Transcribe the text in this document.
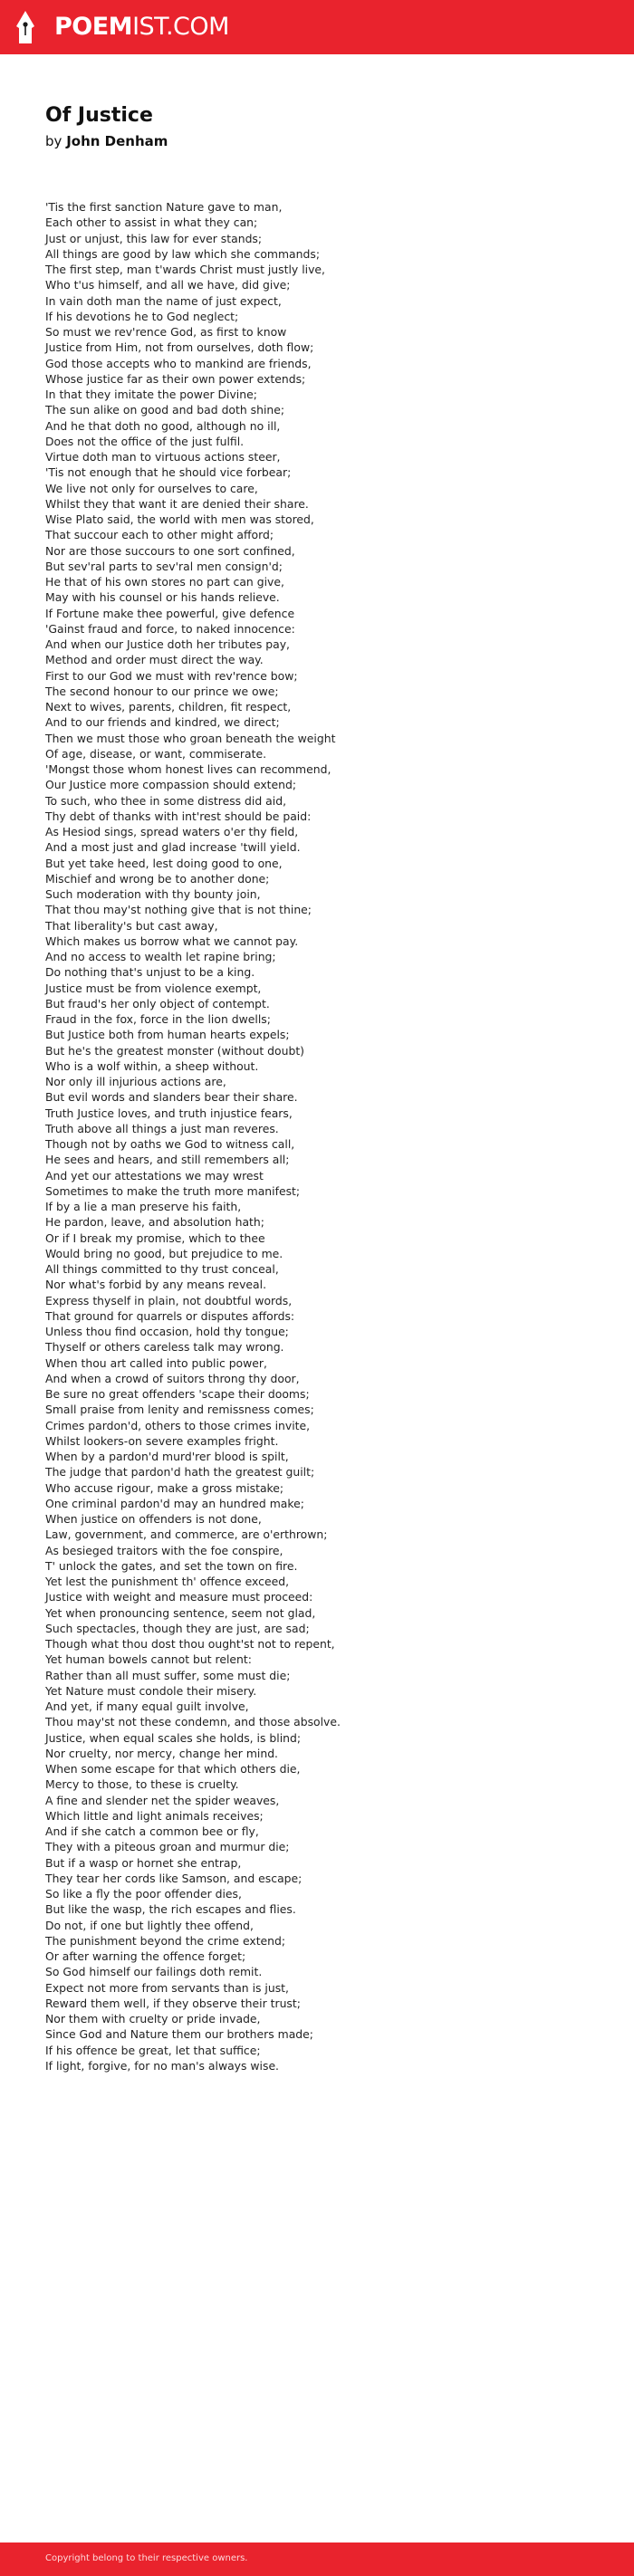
POEMIST.COM
Of Justice
by John Denham
'Tis the first sanction Nature gave to man,
Each other to assist in what they can;
Just or unjust, this law for ever stands;
All things are good by law which she commands;
The first step, man t'wards Christ must justly live,
Who t'us himself, and all we have, did give;
In vain doth man the name of just expect,
If his devotions he to God neglect;
So must we rev'rence God, as first to know
Justice from Him, not from ourselves, doth flow;
God those accepts who to mankind are friends,
Whose justice far as their own power extends;
In that they imitate the power Divine;
The sun alike on good and bad doth shine;
And he that doth no good, although no ill,
Does not the office of the just fulfil.
Virtue doth man to virtuous actions steer,
'Tis not enough that he should vice forbear;
We live not only for ourselves to care,
Whilst they that want it are denied their share.
Wise Plato said, the world with men was stored,
That succour each to other might afford;
Nor are those succours to one sort confined,
But sev'ral parts to sev'ral men consign'd;
He that of his own stores no part can give,
May with his counsel or his hands relieve.
If Fortune make thee powerful, give defence
'Gainst fraud and force, to naked innocence:
And when our Justice doth her tributes pay,
Method and order must direct the way.
First to our God we must with rev'rence bow;
The second honour to our prince we owe;
Next to wives, parents, children, fit respect,
And to our friends and kindred, we direct;
Then we must those who groan beneath the weight
Of age, disease, or want, commiserate.
'Mongst those whom honest lives can recommend,
Our Justice more compassion should extend;
To such, who thee in some distress did aid,
Thy debt of thanks with int'rest should be paid:
As Hesiod sings, spread waters o'er thy field,
And a most just and glad increase 'twill yield.
But yet take heed, lest doing good to one,
Mischief and wrong be to another done;
Such moderation with thy bounty join,
That thou may'st nothing give that is not thine;
That liberality's but cast away,
Which makes us borrow what we cannot pay.
And no access to wealth let rapine bring;
Do nothing that's unjust to be a king.
Justice must be from violence exempt,
But fraud's her only object of contempt.
Fraud in the fox, force in the lion dwells;
But Justice both from human hearts expels;
But he's the greatest monster (without doubt)
Who is a wolf within, a sheep without.
Nor only ill injurious actions are,
But evil words and slanders bear their share.
Truth Justice loves, and truth injustice fears,
Truth above all things a just man reveres.
Though not by oaths we God to witness call,
He sees and hears, and still remembers all;
And yet our attestations we may wrest
Sometimes to make the truth more manifest;
If by a lie a man preserve his faith,
He pardon, leave, and absolution hath;
Or if I break my promise, which to thee
Would bring no good, but prejudice to me.
All things committed to thy trust conceal,
Nor what's forbid by any means reveal.
Express thyself in plain, not doubtful words,
That ground for quarrels or disputes affords:
Unless thou find occasion, hold thy tongue;
Thyself or others careless talk may wrong.
When thou art called into public power,
And when a crowd of suitors throng thy door,
Be sure no great offenders 'scape their dooms;
Small praise from lenity and remissness comes;
Crimes pardon'd, others to those crimes invite,
Whilst lookers-on severe examples fright.
When by a pardon'd murd'rer blood is spilt,
The judge that pardon'd hath the greatest guilt;
Who accuse rigour, make a gross mistake;
One criminal pardon'd may an hundred make;
When justice on offenders is not done,
Law, government, and commerce, are o'erthrown;
As besieged traitors with the foe conspire,
T' unlock the gates, and set the town on fire.
Yet lest the punishment th' offence exceed,
Justice with weight and measure must proceed:
Yet when pronouncing sentence, seem not glad,
Such spectacles, though they are just, are sad;
Though what thou dost thou ought'st not to repent,
Yet human bowels cannot but relent:
Rather than all must suffer, some must die;
Yet Nature must condole their misery.
And yet, if many equal guilt involve,
Thou may'st not these condemn, and those absolve.
Justice, when equal scales she holds, is blind;
Nor cruelty, nor mercy, change her mind.
When some escape for that which others die,
Mercy to those, to these is cruelty.
A fine and slender net the spider weaves,
Which little and light animals receives;
And if she catch a common bee or fly,
They with a piteous groan and murmur die;
But if a wasp or hornet she entrap,
They tear her cords like Samson, and escape;
So like a fly the poor offender dies,
But like the wasp, the rich escapes and flies.
Do not, if one but lightly thee offend,
The punishment beyond the crime extend;
Or after warning the offence forget;
So God himself our failings doth remit.
Expect not more from servants than is just,
Reward them well, if they observe their trust;
Nor them with cruelty or pride invade,
Since God and Nature them our brothers made;
If his offence be great, let that suffice;
If light, forgive, for no man's always wise.
Copyright belong to their respective owners.
